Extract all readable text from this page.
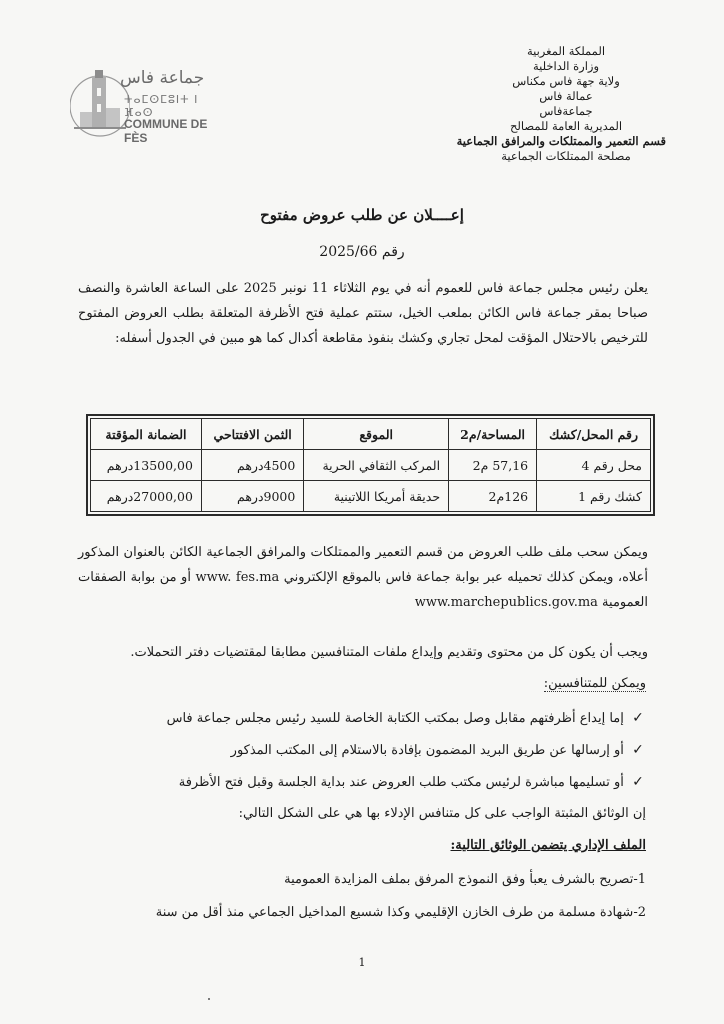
جماعة فاس
ⵜⴰⵎⵙⵎⵓⵏⵜ ⵏ ⴼⴰⵙ
COMMUNE DE FÈS
المملكة المغربية
وزارة الداخلية
ولاية جهة فاس مكناس
عمالة فاس
جماعةفاس
المديرية العامة للمصالح
قسم التعمير والممتلكات والمرافق الجماعية
مصلحة الممتلكات الجماعية
إعــــلان عن طلب عروض مفتوح
رقم 2025/66
يعلن رئيس مجلس جماعة فاس للعموم أنه في يوم الثلاثاء 11 نونبر 2025 على الساعة العاشرة والنصف صباحا بمقر جماعة فاس الكائن بملعب الخيل، ستتم عملية فتح الأظرفة المتعلقة بطلب العروض المفتوح للترخيص بالاحتلال المؤقت لمحل تجاري وكشك بنفوذ مقاطعة أكدال كما هو مبين في الجدول أسفله:
رقم المحل/كشك	المساحة/م2	الموقع	الثمن الافتتاحي	الضمانة المؤقتة
محل رقم 4	57,16 م2	المركب الثقافي الحرية	4500درهم	13500,00درهم
كشك رقم 1	126م2	حديقة أمريكا اللاتينية	9000درهم	27000,00درهم
ويمكن سحب ملف طلب العروض من قسم التعمير والممتلكات والمرافق الجماعية الكائن بالعنوان المذكور أعلاه، ويمكن كذلك تحميله عبر بوابة جماعة فاس بالموقع الإلكتروني www. fes.ma أو من بوابة الصفقات العمومية www.marchepublics.gov.ma
ويجب أن يكون كل من محتوى وتقديم وإيداع ملفات المتنافسين مطابقا لمقتضيات دفتر التحملات.
ويمكن للمتنافسين:
✓ إما إيداع أظرفتهم مقابل وصل بمكتب الكتابة الخاصة للسيد رئيس مجلس جماعة فاس
✓ أو إرسالها عن طريق البريد المضمون بإفادة بالاستلام إلى المكتب المذكور
✓ أو تسليمها مباشرة لرئيس مكتب طلب العروض عند بداية الجلسة وقبل فتح الأظرفة
إن الوثائق المثبتة الواجب على كل متنافس الإدلاء بها هي على الشكل التالي:
الملف الإداري يتضمن الوثائق التالية:
1-تصريح بالشرف يعبأ وفق النموذج المرفق بملف المزايدة العمومية
2-شهادة مسلمة من طرف الخازن الإقليمي وكذا شسيع المداخيل الجماعي منذ أقل من سنة
1
